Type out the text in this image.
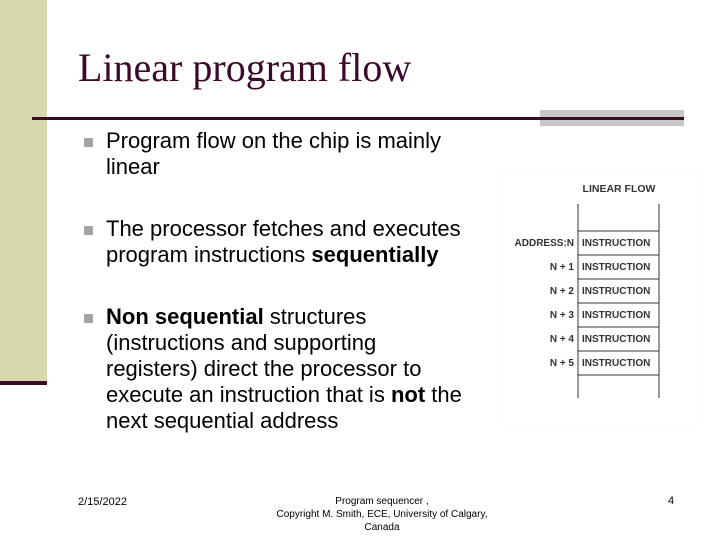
Linear program flow
Program flow on the chip is mainly linear
The processor fetches and executes program instructions sequentially
Non sequential structures (instructions and supporting registers) direct the processor to execute an instruction that is not the next sequential address
LINEAR FLOW
ADDRESS:N INSTRUCTION
N + 1 INSTRUCTION
N + 2 INSTRUCTION
N + 3 INSTRUCTION
N + 4 INSTRUCTION
N + 5 INSTRUCTION
2/15/2022	Program sequencer ,
Copyright M. Smith, ECE, University of Calgary,
Canada
4
